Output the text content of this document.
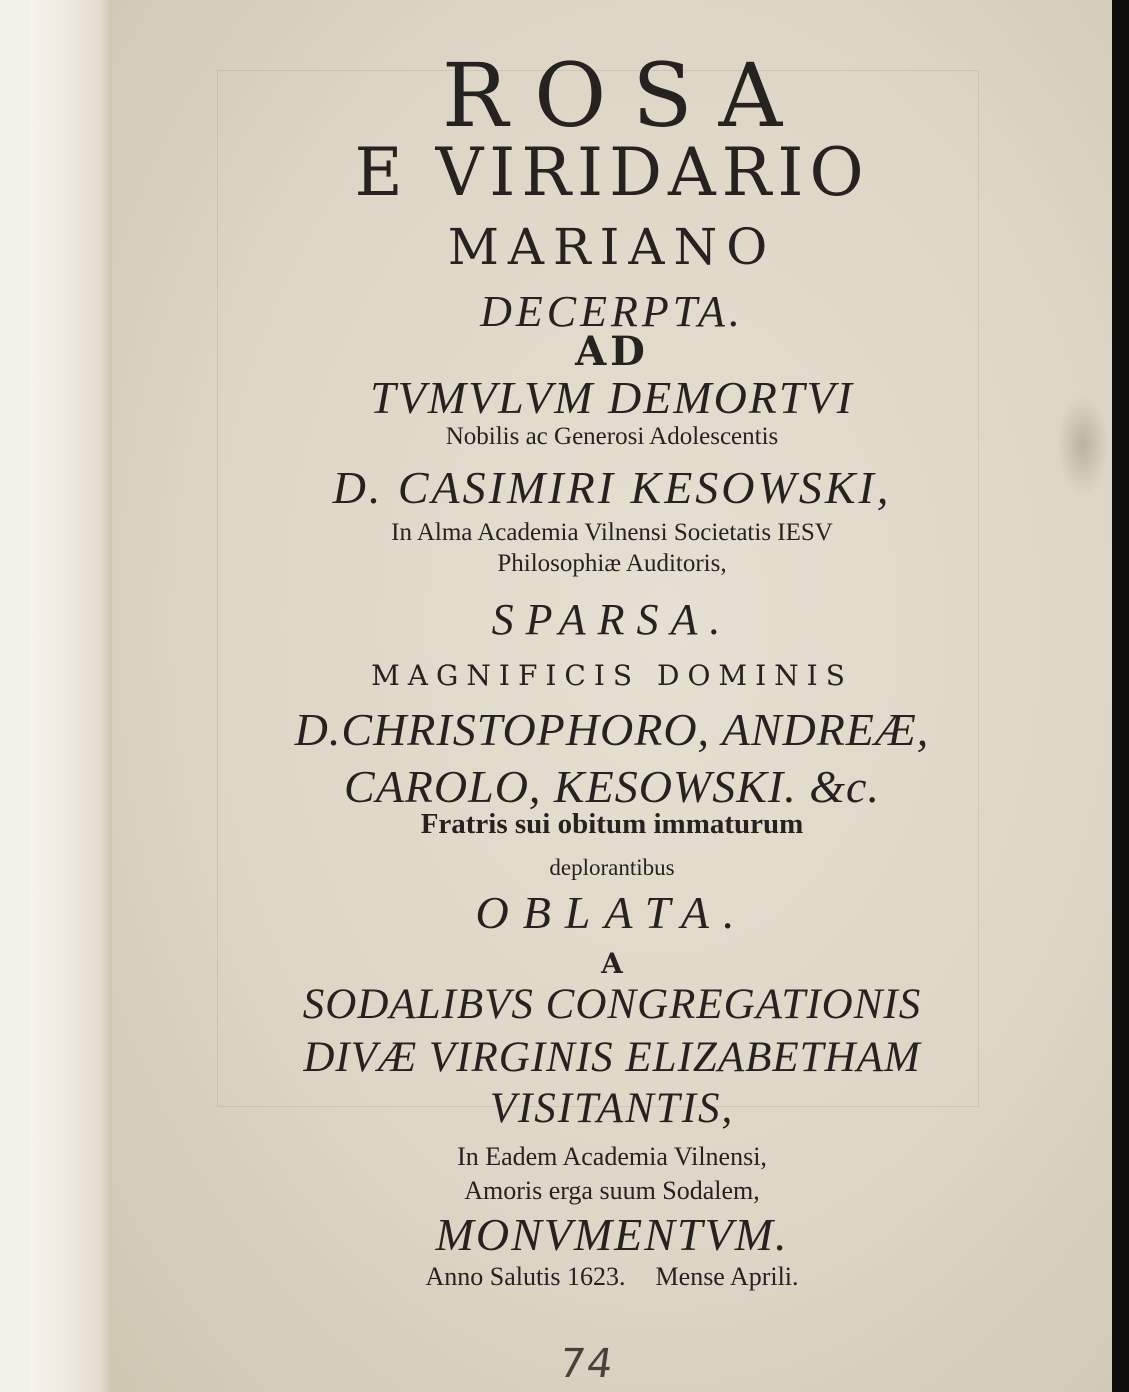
ROSA
E VIRIDARIO
MARIANO
DECERPTA.
AD
TVMVLVM DEMORTVI
Nobilis ac Generosi Adolescentis
D. CASIMIRI KESOWSKI,
In Alma Academia Vilnensi Societatis IESV
Philosophiæ Auditoris,
SPARSA.
MAGNIFICIS DOMINIS
D.CHRISTOPHORO, ANDREÆ,
CAROLO, KESOWSKI. &c.
Fratris sui obitum immaturum
deplorantibus
OBLATA.
A
SODALIBVS CONGREGATIONIS
DIVÆ VIRGINIS ELIZABETHAM
VISITANTIS,
In Eadem Academia Vilnensi,
Amoris erga suum Sodalem,
MONVMENTVM.
Anno Salutis 1623. Mense Aprili.
74
